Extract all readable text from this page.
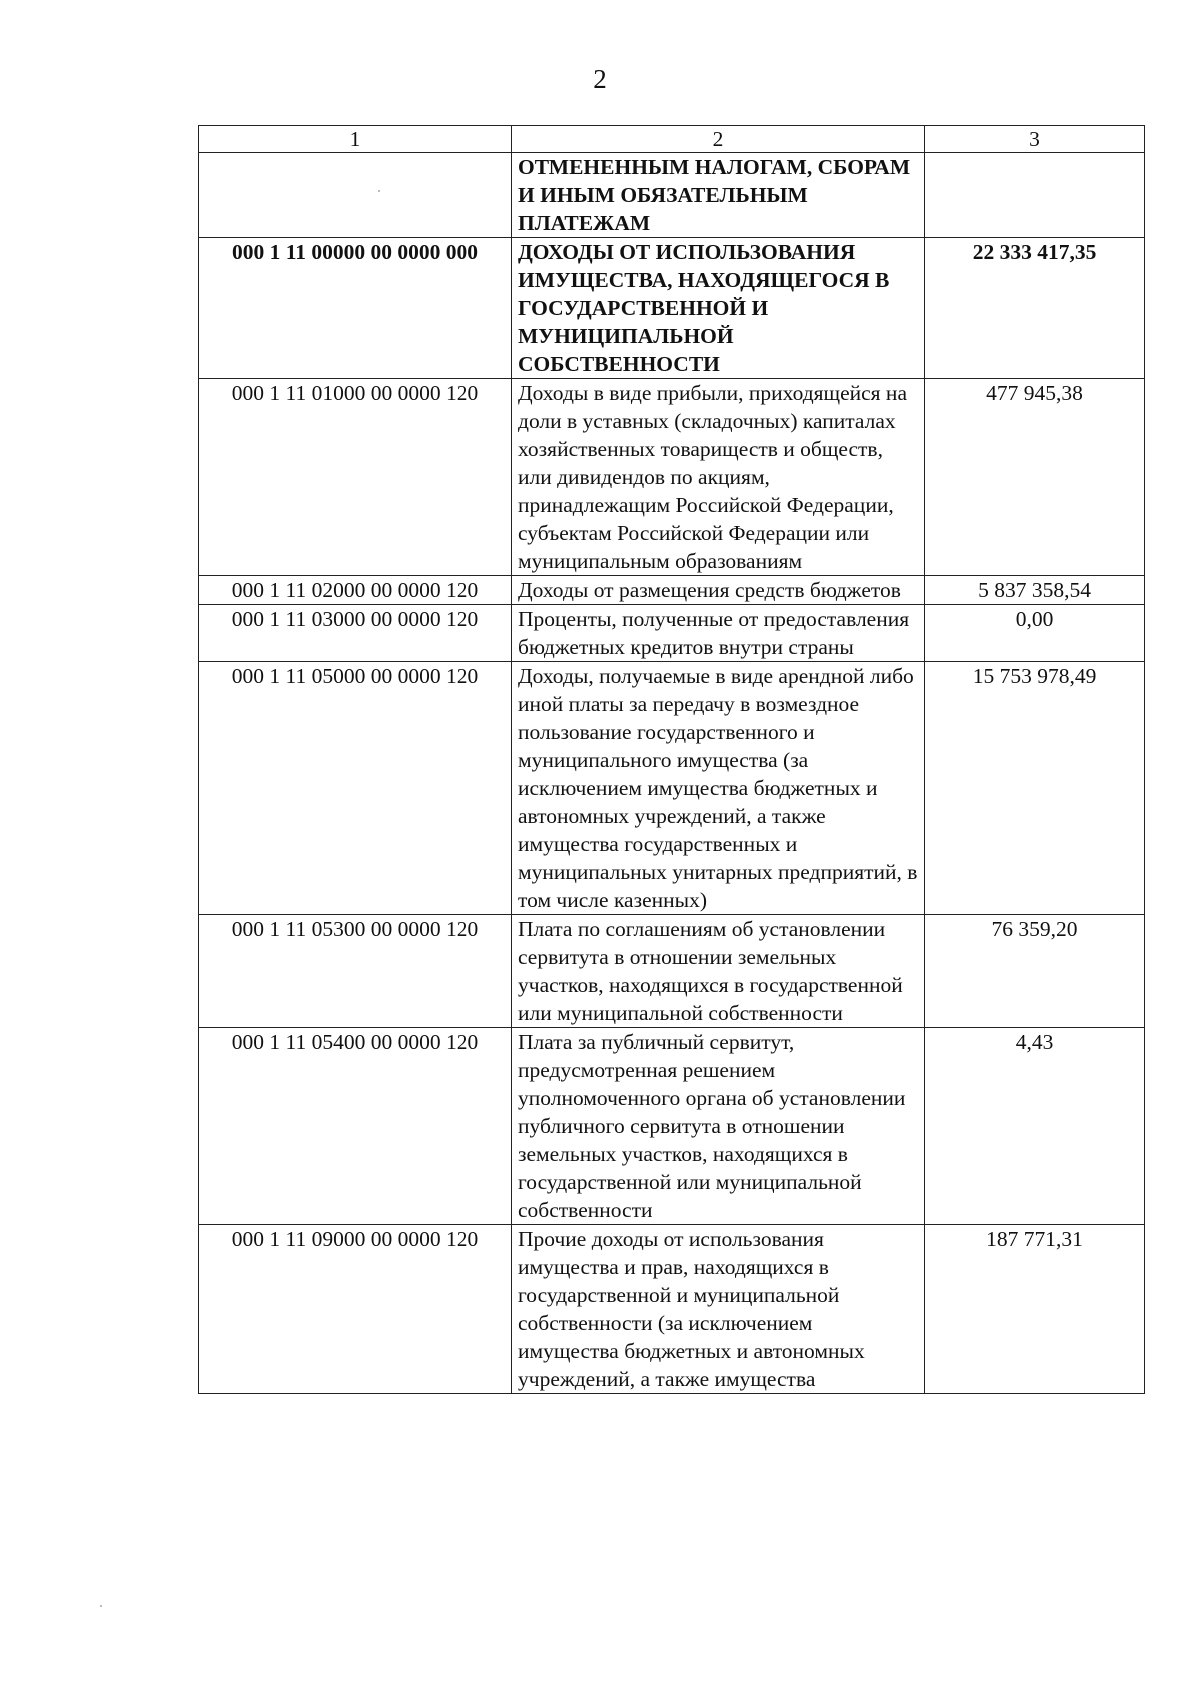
2
1	2	3
	ОТМЕНЕННЫМ НАЛОГАМ, СБОРАМ И ИНЫМ ОБЯЗАТЕЛЬНЫМ ПЛАТЕЖАМ	
000 1 11 00000 00 0000 000	ДОХОДЫ ОТ ИСПОЛЬЗОВАНИЯ ИМУЩЕСТВА, НАХОДЯЩЕГОСЯ В ГОСУДАРСТВЕННОЙ И МУНИЦИПАЛЬНОЙ СОБСТВЕННОСТИ	22 333 417,35
000 1 11 01000 00 0000 120	Доходы в виде прибыли, приходящейся на доли в уставных (складочных) капиталах хозяйственных товариществ и обществ, или дивидендов по акциям, принадлежащим Российской Федерации, субъектам Российской Федерации или муниципальным образованиям	477 945,38
000 1 11 02000 00 0000 120	Доходы от размещения средств бюджетов	5 837 358,54
000 1 11 03000 00 0000 120	Проценты, полученные от предоставления бюджетных кредитов внутри страны	0,00
000 1 11 05000 00 0000 120	Доходы, получаемые в виде арендной либо иной платы за передачу в возмездное пользование государственного и муниципального имущества (за исключением имущества бюджетных и автономных учреждений, а также имущества государственных и муниципальных унитарных предприятий, в том числе казенных)	15 753 978,49
000 1 11 05300 00 0000 120	Плата по соглашениям об установлении сервитута в отношении земельных участков, находящихся в государственной или муниципальной собственности	76 359,20
000 1 11 05400 00 0000 120	Плата за публичный сервитут, предусмотренная решением уполномоченного органа об установлении публичного сервитута в отношении земельных участков, находящихся в государственной или муниципальной собственности	4,43
000 1 11 09000 00 0000 120	Прочие доходы от использования имущества и прав, находящихся в государственной и муниципальной собственности (за исключением имущества бюджетных и автономных учреждений, а также имущества	187 771,31
